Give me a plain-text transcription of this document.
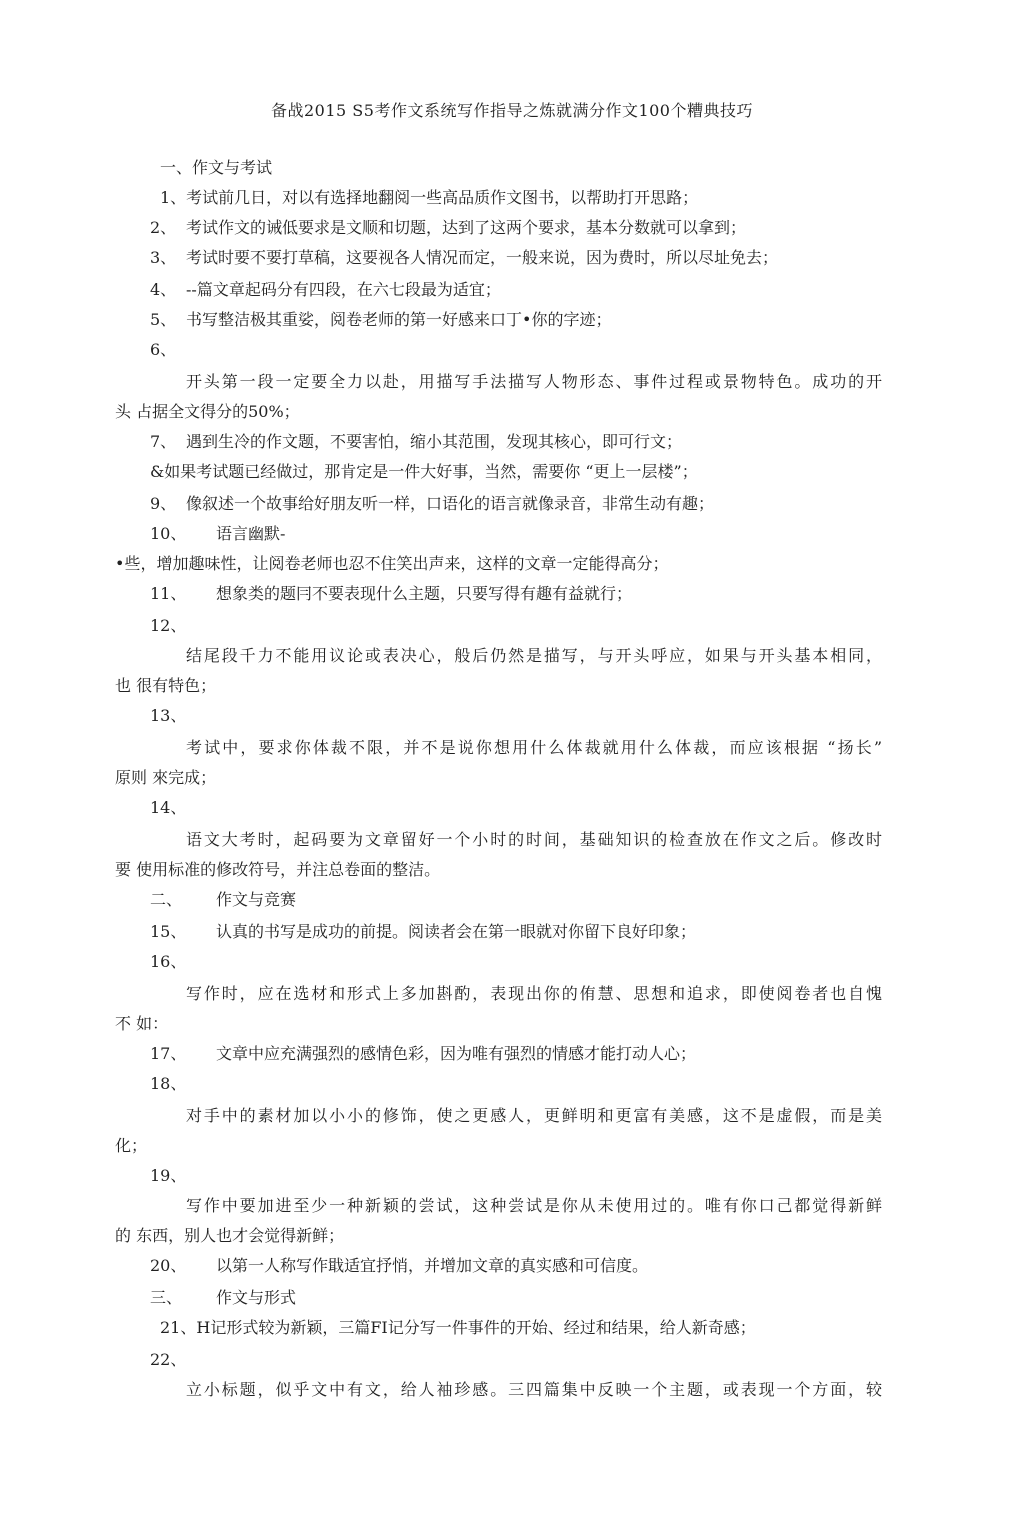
备战2015 S5考作文系统写作指导之炼就满分作文100个糟典技巧
一、作文与考试
1、考试前几日，对以有选择地翻阅一些高品质作文图书，以帮助打开思路；
2、 考试作文的诫低要求是文顺和切题，达到了这两个要求，基本分数就可以拿到；
3、 考试时要不要打草稿，这要视各人情况而定，一般来说，因为费时，所以尽址免去；
4、 --篇文章起码分有四段，在六七段最为适宜；
5、 书写整洁极其重娑，阅卷老师的第一好感来口丁•你的字迹；
6、
开头第一段一定要全力以赴，用描写手法描写人物形态、事件过程或景物特色。成功的开
头 占据全文得分的50%；
7、 遇到生冷的作文题，不要害怕，缩小其范围，发现其核心，即可行文；
&如果考试题已经做过，那肯定是一件大好事，当然，需要你 “更上一层楼”；
9、 像叙述一个故事给好朋友听一样，口语化的语言就像录音，非常生动有趣；
10、 语言幽默-
•些，增加趣味性，让阅卷老师也忍不住笑出声来，这样的文章一定能得高分；
11、 想象类的题冃不要表现什么主题，只要写得有趣有益就行；
12、
结尾段千力不能用议论或表决心，般后仍然是描写，与开头呼应，如果与开头基本相同，
也 很有特色；
13、
考试中，要求你体裁不限，并不是说你想用什么体裁就用什么体裁，而应该根据 “扬长”
原则 來完成；
14、
语文大考时，起码要为文章留好一个小时的时间，基础知识的检查放在作文之后。修改时
要 使用标准的修改符号，并注总卷面的整洁。
二、 作文与竞赛
15、 认真的书写是成功的前提。阅读者会在第一眼就对你留下良好印象；
16、
写作时，应在选材和形式上多加斟酌，表现出你的侑慧、思想和追求，即使阅卷者也自愧
不 如：
17、 文章中应充满强烈的感情色彩，因为唯有强烈的情感才能打动人心；
18、
对手中的素材加以小小的修饰，使之更感人，更鲜明和更富有美感，这不是虚假，而是美
化；
19、
写作中要加进至少一种新颖的尝试，这种尝试是你从未使用过的。唯有你口己都觉得新鲜
的 东西，别人也才会觉得新鲜；
20、 以第一人称写作戢适宜抒悄，并增加文章的真实感和可信度。
三、 作文与形式
21、H记形式较为新颖，三篇FI记分写一件事件的开始、经过和结果，给人新奇感；
22、
立小标题，似乎文中有文，给人袖珍感。三四篇集中反映一个主题，或表现一个方面，较
